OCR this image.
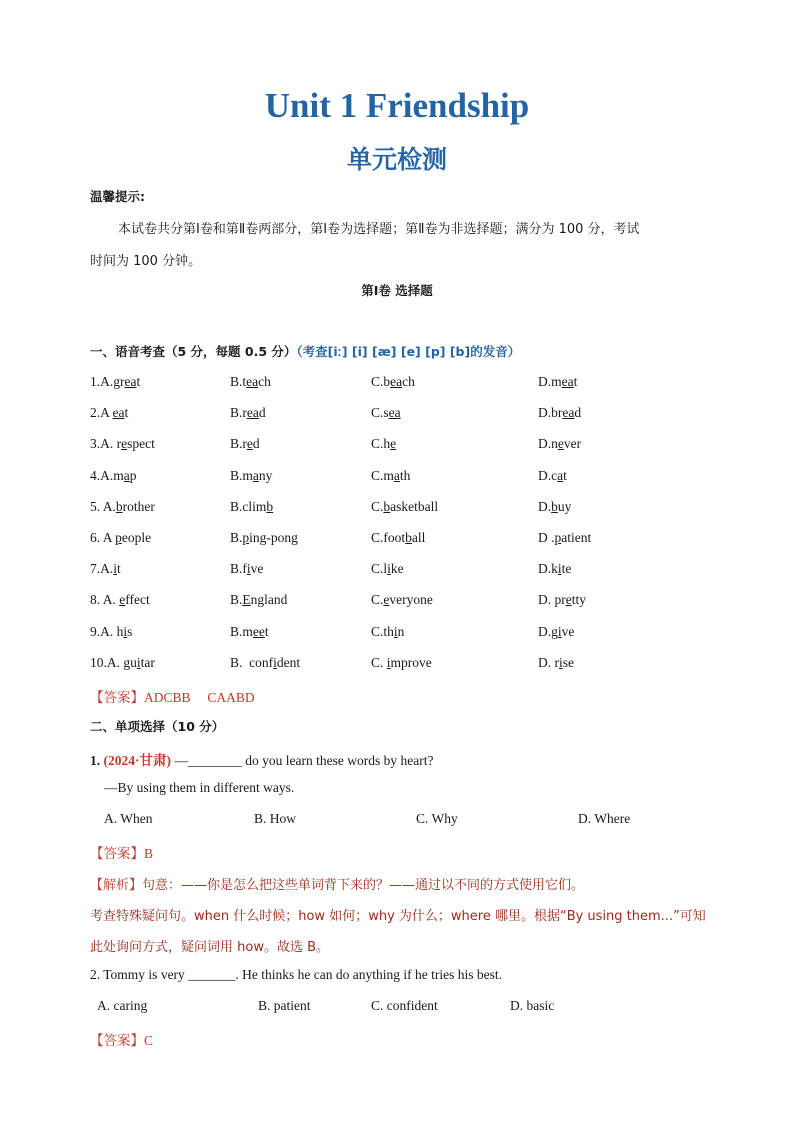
Unit 1 Friendship
单元检测
温馨提示:
本试卷共分第Ⅰ卷和第Ⅱ卷两部分，第Ⅰ卷为选择题；第Ⅱ卷为非选择题；满分为 100 分，考试
时间为 100 分钟。
第Ⅰ卷 选择题
一、语音考查（5 分，每题 0.5 分）（考查[iː] [i] [æ] [e] [p] [b]的发音）
1.A.great	B.teach	C.beach	D.meat
2.A eat	B.read	C.sea	D.bread
3.A. respect	B.red	C.he	D.never
4.A.map	B.many	C.math	D.cat
5. A.brother	B.climb	C.basketball	D.buy
6. A people	B.ping-pong	C.football	D .patient
7.A.it	B.five	C.like	D.kite
8. A. effect	B.England	C.everyone	D. pretty
9.A. his	B.meet	C.thin	D.give
10.A. guitar	B.  confident	C. improve	D. rise
【答案】ADCBB     CAABD
二、单项选择（10 分）
1. (2024·甘肃) —________ do you learn these words by heart?
—By using them in different ways.
A. When	B. How	C. Why	D. Where
【答案】B
【解析】句意：——你是怎么把这些单词背下来的？——通过以不同的方式使用它们。
考查特殊疑问句。when 什么时候；how 如何；why 为什么；where 哪里。根据“By using them...”可知
此处询问方式，疑问词用 how。故选 B。
2. Tommy is very _______. He thinks he can do anything if he tries his best.
A. caring	B. patient	C. confident	D. basic
【答案】C
